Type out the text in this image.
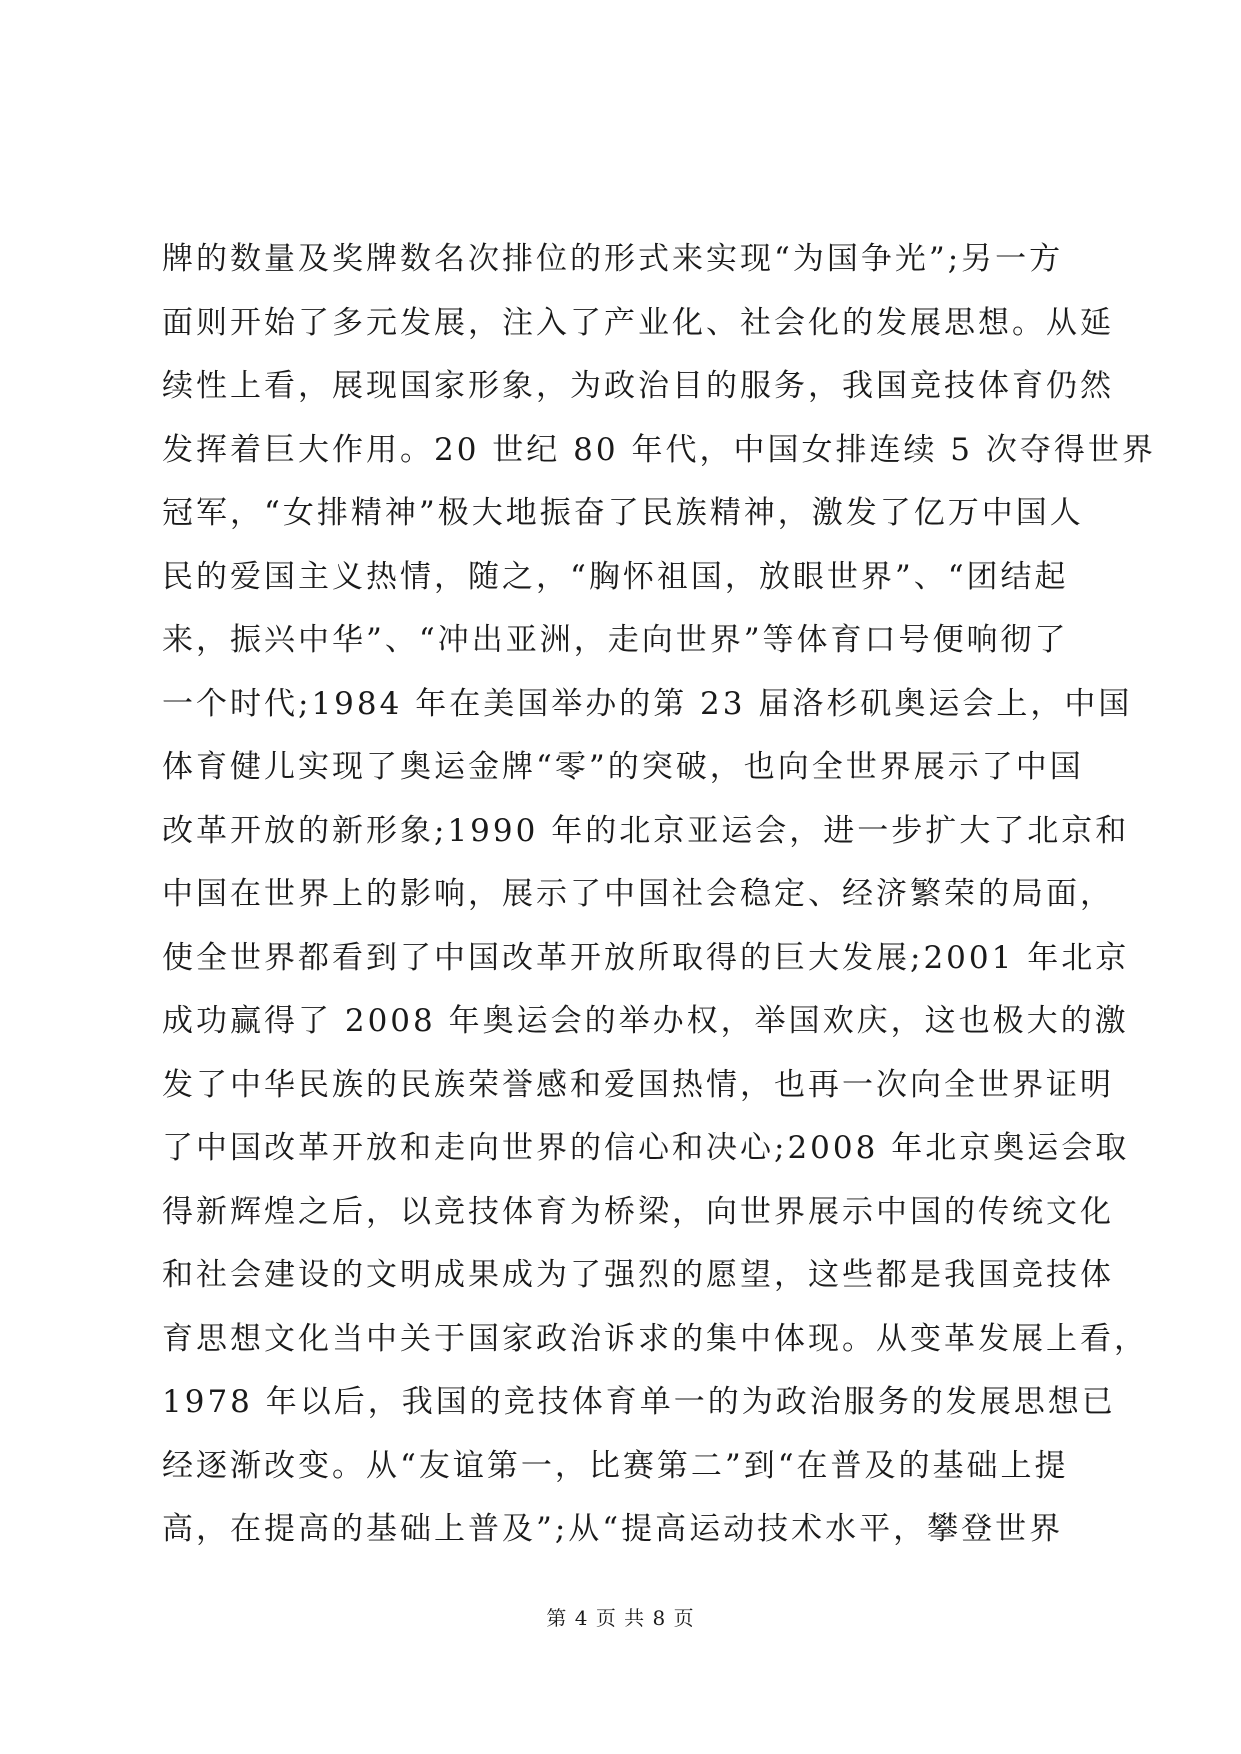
牌的数量及奖牌数名次排位的形式来实现“为国争光”;另一方
面则开始了多元发展，注入了产业化、社会化的发展思想。从延
续性上看，展现国家形象，为政治目的服务，我国竞技体育仍然
发挥着巨大作用。20 世纪 80 年代，中国女排连续 5 次夺得世界
冠军，“女排精神”极大地振奋了民族精神，激发了亿万中国人
民的爱国主义热情，随之，“胸怀祖国，放眼世界”、“团结起
来，振兴中华”、“冲出亚洲，走向世界”等体育口号便响彻了
一个时代;1984 年在美国举办的第 23 届洛杉矶奥运会上，中国
体育健儿实现了奥运金牌“零”的突破，也向全世界展示了中国
改革开放的新形象;1990 年的北京亚运会，进一步扩大了北京和
中国在世界上的影响，展示了中国社会稳定、经济繁荣的局面，
使全世界都看到了中国改革开放所取得的巨大发展;2001 年北京
成功赢得了 2008 年奥运会的举办权，举国欢庆，这也极大的激
发了中华民族的民族荣誉感和爱国热情，也再一次向全世界证明
了中国改革开放和走向世界的信心和决心;2008 年北京奥运会取
得新辉煌之后，以竞技体育为桥梁，向世界展示中国的传统文化
和社会建设的文明成果成为了强烈的愿望，这些都是我国竞技体
育思想文化当中关于国家政治诉求的集中体现。从变革发展上看，
1978 年以后，我国的竞技体育单一的为政治服务的发展思想已
经逐渐改变。从“友谊第一，比赛第二”到“在普及的基础上提
高，在提高的基础上普及”;从“提高运动技术水平，攀登世界
第 4 页 共 8 页
